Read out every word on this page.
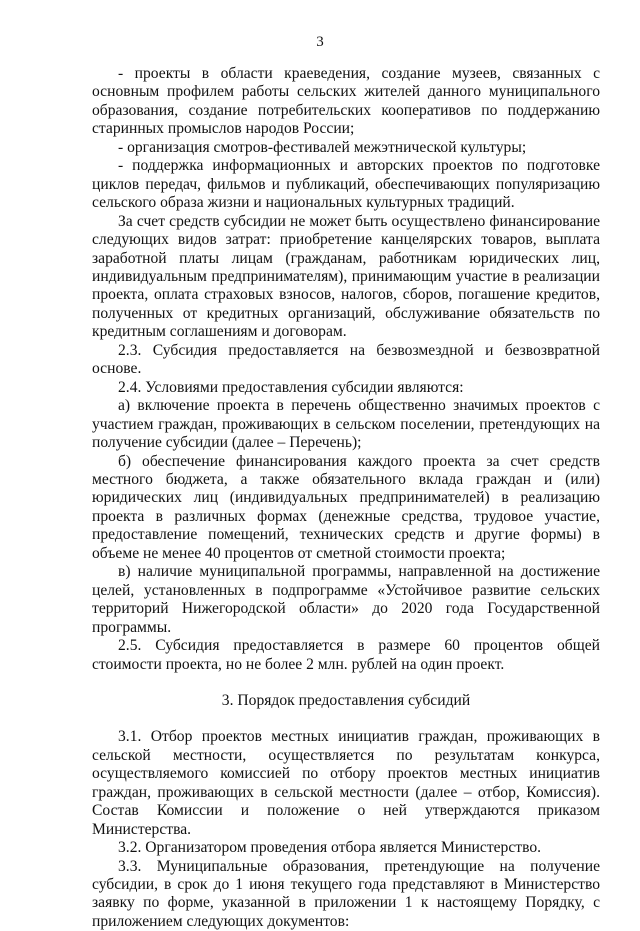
3

- проекты в области краеведения, создание музеев, связанных с основным профилем работы сельских жителей данного муниципального образования, создание потребительских кооперативов по поддержанию старинных промыслов народов России;

- организация смотров-фестивалей межэтнической культуры;

- поддержка информационных и авторских проектов по подготовке циклов передач, фильмов и публикаций, обеспечивающих популяризацию сельского образа жизни и национальных культурных традиций.

За счет средств субсидии не может быть осуществлено финансирование следующих видов затрат: приобретение канцелярских товаров, выплата заработной платы лицам (гражданам, работникам юридических лиц, индивидуальным предпринимателям), принимающим участие в реализации проекта, оплата страховых взносов, налогов, сборов, погашение кредитов, полученных от кредитных организаций, обслуживание обязательств по кредитным соглашениям и договорам.

2.3. Субсидия предоставляется на безвозмездной и безвозвратной основе.

2.4. Условиями предоставления субсидии являются:

а) включение проекта в перечень общественно значимых проектов с участием граждан, проживающих в сельском поселении, претендующих на получение субсидии (далее – Перечень);

б) обеспечение финансирования каждого проекта за счет средств местного бюджета, а также обязательного вклада граждан и (или) юридических лиц (индивидуальных предпринимателей) в реализацию проекта в различных формах (денежные средства, трудовое участие, предоставление помещений, технических средств и другие формы) в объеме не менее 40 процентов от сметной стоимости проекта;

в) наличие муниципальной программы, направленной на достижение целей, установленных в подпрограмме «Устойчивое развитие сельских территорий Нижегородской области» до 2020 года Государственной программы.

2.5. Субсидия предоставляется в размере 60 процентов общей стоимости проекта, но не более 2 млн. рублей на один проект.

3. Порядок предоставления субсидий

3.1. Отбор проектов местных инициатив граждан, проживающих в сельской местности, осуществляется по результатам конкурса, осуществляемого комиссией по отбору проектов местных инициатив граждан, проживающих в сельской местности (далее – отбор, Комиссия). Состав Комиссии и положение о ней утверждаются приказом Министерства.

3.2. Организатором проведения отбора является Министерство.

3.3. Муниципальные образования, претендующие на получение субсидии, в срок до 1 июня текущего года представляют в Министерство заявку по форме, указанной в приложении 1 к настоящему Порядку, с приложением следующих документов:
